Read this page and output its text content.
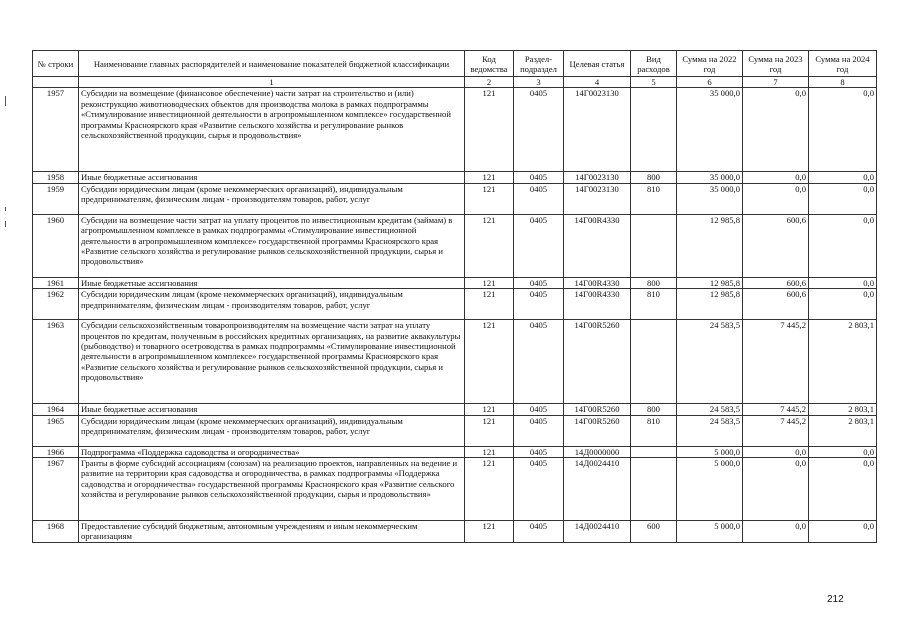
№ строки	Наименование главных распорядителей и наименование показателей бюджетной классификации	Код ведомства	Раздел-подраздел	Целевая статья	Вид расходов	Сумма на 2022 год	Сумма на 2023 год	Сумма на 2024 год
	1	2	3	4	5	6	7	8
1957	Субсидии на возмещение (финансовое обеспечение) части затрат на строительство и (или) реконструкцию животноводческих объектов для производства молока в рамках подпрограммы «Стимулирование инвестиционной деятельности в агропромышленном комплексе» государственной программы Красноярского края «Развитие сельского хозяйства и регулирование рынков сельскохозяйственной продукции, сырья и продовольствия»	121	0405	14Г0023130		35 000,0	0,0	0,0
1958	Иные бюджетные ассигнования	121	0405	14Г0023130	800	35 000,0	0,0	0,0
1959	Субсидии юридическим лицам (кроме некоммерческих организаций), индивидуальным предпринимателям, физическим лицам - производителям товаров, работ, услуг	121	0405	14Г0023130	810	35 000,0	0,0	0,0
1960	Субсидии на возмещение части затрат на уплату процентов по инвестиционным кредитам (займам) в агропромышленном комплексе в рамках подпрограммы «Стимулирование инвестиционной деятельности в агропромышленном комплексе» государственной программы Красноярского края «Развитие сельского хозяйства и регулирование рынков сельскохозяйственной продукции, сырья и продовольствия»	121	0405	14Г00R4330		12 985,8	600,6	0,0
1961	Иные бюджетные ассигнования	121	0405	14Г00R4330	800	12 985,8	600,6	0,0
1962	Субсидии юридическим лицам (кроме некоммерческих организаций), индивидуальным предпринимателям, физическим лицам - производителям товаров, работ, услуг	121	0405	14Г00R4330	810	12 985,8	600,6	0,0
1963	Субсидии сельскохозяйственным товаропроизводителям на возмещение части затрат на уплату процентов по кредитам, полученным в российских кредитных организациях, на развитие аквакультуры (рыбоводство) и товарного осетроводства в рамках подпрограммы «Стимулирование инвестиционной деятельности в агропромышленном комплексе» государственной программы Красноярского края «Развитие сельского хозяйства и регулирование рынков сельскохозяйственной продукции, сырья и продовольствия»	121	0405	14Г00R5260		24 583,5	7 445,2	2 803,1
1964	Иные бюджетные ассигнования	121	0405	14Г00R5260	800	24 583,5	7 445,2	2 803,1
1965	Субсидии юридическим лицам (кроме некоммерческих организаций), индивидуальным предпринимателям, физическим лицам - производителям товаров, работ, услуг	121	0405	14Г00R5260	810	24 583,5	7 445,2	2 803,1
1966	Подпрограмма «Поддержка садоводства и огородничества»	121	0405	14Д0000000		5 000,0	0,0	0,0
1967	Гранты в форме субсидий ассоциациям (союзам) на реализацию проектов, направленных на ведение и развитие на территории края садоводства и огородничества, в рамках подпрограммы «Поддержка садоводства и огородничества» государственной программы Красноярского края «Развитие сельского хозяйства и регулирование рынков сельскохозяйственной продукции, сырья и продовольствия»	121	0405	14Д0024410		5 000,0	0,0	0,0
1968	Предоставление субсидий бюджетным, автономным учреждениям и иным некоммерческим организациям	121	0405	14Д0024410	600	5 000,0	0,0	0,0
212
